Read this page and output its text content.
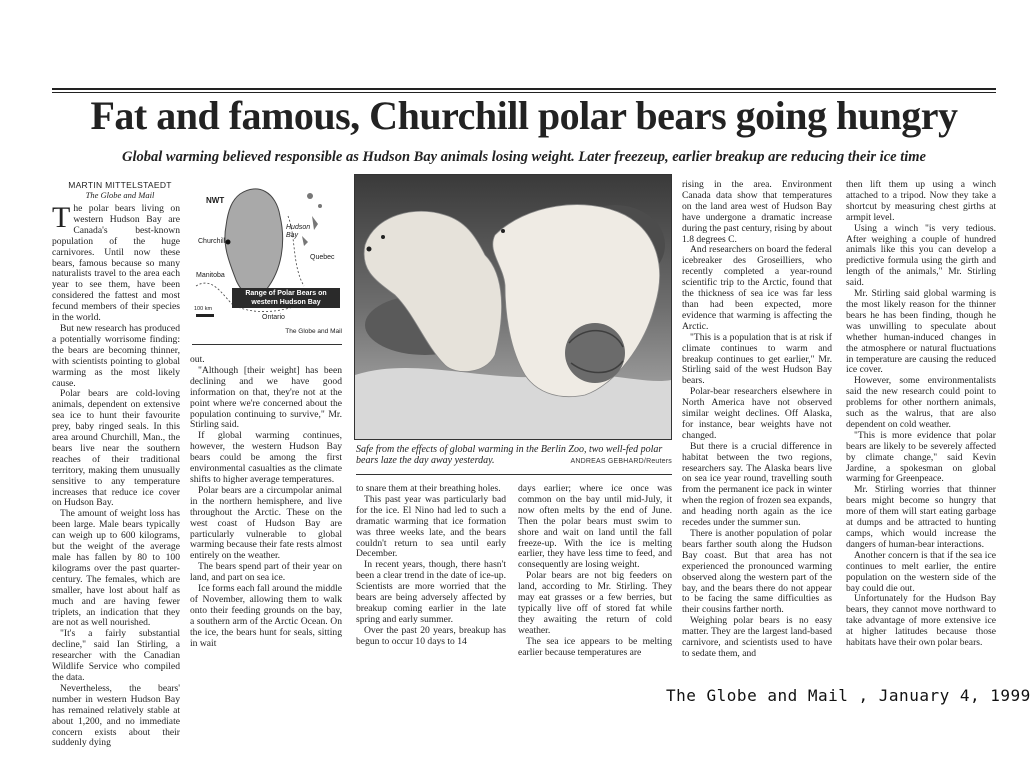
Fat and famous, Churchill polar bears going hungry
Global warming believed responsible as Hudson Bay animals losing weight. Later freezeup, earlier breakup are reducing their ice time

MARTIN MITTELSTAEDT

The Globe and Mail

The polar bears living on western Hudson Bay are Canada's best-known population of the huge carnivores. Until now these bears, famous because so many naturalists travel to the area each year to see them, have been considered the fattest and most fecund members of their species in the world.

But new research has produced a potentially worrisome finding: the bears are becoming thinner, with scientists pointing to global warming as the most likely cause.

Polar bears are cold-loving animals, dependent on extensive sea ice to hunt their favourite prey, baby ringed seals. In this area around Churchill, Man., the bears live near the southern reaches of their traditional territory, making them unusually sensitive to any temperature increases that reduce ice cover on Hudson Bay.

The amount of weight loss has been large. Male bears typically can weigh up to 600 kilograms, but the weight of the average male has fallen by 80 to 100 kilograms over the past quarter-century. The females, which are smaller, have lost about half as much and are having fewer triplets, an indication that they are not as well nourished.

"It's a fairly substantial decline," said Ian Stirling, a researcher with the Canadian Wildlife Service who compiled the data.

Nevertheless, the bears' number in western Hudson Bay has remained relatively stable at about 1,200, and no immediate concern exists about their suddenly dying

NWT
Churchill
Hudson Bay
Quebec
Manitoba
Range of Polar Bears on western Hudson Bay
100 km
Ontario
The Globe and Mail

out.

"Although [their weight] has been declining and we have good information on that, they're not at the point where we're concerned about the population continuing to survive," Mr. Stirling said.

If global warming continues, however, the western Hudson Bay bears could be among the first environmental casualties as the climate shifts to higher average temperatures.

Polar bears are a circumpolar animal in the northern hemisphere, and live throughout the Arctic. These on the west coast of Hudson Bay are particularly vulnerable to global warming because their fate rests almost entirely on the weather.

The bears spend part of their year on land, and part on sea ice.

Ice forms each fall around the middle of November, allowing them to walk onto their feeding grounds on the bay, a southern arm of the Arctic Ocean. On the ice, the bears hunt for seals, sitting in wait

Safe from the effects of global warming in the Berlin Zoo, two well-fed polar bears laze the day away yesterday.	ANDREAS GEBHARD/Reuters

to snare them at their breathing holes.

This past year was particularly bad for the ice. El Nino had led to such a dramatic warming that ice formation was three weeks late, and the bears couldn't return to sea until early December.

In recent years, though, there hasn't been a clear trend in the date of ice-up. Scientists are more worried that the bears are being adversely affected by breakup coming earlier in the late spring and early summer.

Over the past 20 years, breakup has begun to occur 10 days to 14

days earlier; where ice once was common on the bay until mid-July, it now often melts by the end of June. Then the polar bears must swim to shore and wait on land until the fall freeze-up. With the ice is melting earlier, they have less time to feed, and consequently are losing weight.

Polar bears are not big feeders on land, according to Mr. Stirling. They may eat grasses or a few berries, but typically live off of stored fat while they awaiting the return of cold weather.

The sea ice appears to be melting earlier because temperatures are

rising in the area. Environment Canada data show that temperatures on the land area west of Hudson Bay have undergone a dramatic increase during the past century, rising by about 1.8 degrees C.

And researchers on board the federal icebreaker des Groseilliers, who recently completed a year-round scientific trip to the Arctic, found that the thickness of sea ice was far less than had been expected, more evidence that warming is affecting the Arctic.

"This is a population that is at risk if climate continues to warm and breakup continues to get earlier," Mr. Stirling said of the west Hudson Bay bears.

Polar-bear researchers elsewhere in North America have not observed similar weight declines. Off Alaska, for instance, bear weights have not changed.

But there is a crucial difference in habitat between the two regions, researchers say. The Alaska bears live on sea ice year round, travelling south from the permanent ice pack in winter when the region of frozen sea expands, and heading north again as the ice recedes under the summer sun.

There is another population of polar bears farther south along the Hudson Bay coast. But that area has not experienced the pronounced warming observed along the western part of the bay, and the bears there do not appear to be facing the same difficulties as their cousins farther north.

Weighing polar bears is no easy matter. They are the largest land-based carnivore, and scientists used to have to sedate them, and

then lift them up using a winch attached to a tripod. Now they take a shortcut by measuring chest girths at armpit level.

Using a winch "is very tedious. After weighing a couple of hundred animals like this you can develop a predictive formula using the girth and length of the animals," Mr. Stirling said.

Mr. Stirling said global warming is the most likely reason for the thinner bears he has been finding, though he was unwilling to speculate about whether human-induced changes in the atmosphere or natural fluctuations in temperature are causing the reduced ice cover.

However, some environmentalists said the new research could point to problems for other northern animals, such as the walrus, that are also dependent on cold weather.

"This is more evidence that polar bears are likely to be severely affected by climate change," said Kevin Jardine, a spokesman on global warming for Greenpeace.

Mr. Stirling worries that thinner bears might become so hungry that more of them will start eating garbage at dumps and be attracted to hunting camps, which would increase the dangers of human-bear interactions.

Another concern is that if the sea ice continues to melt earlier, the entire population on the western side of the bay could die out.

Unfortunately for the Hudson Bay bears, they cannot move northward to take advantage of more extensive ice at higher latitudes because those habitats have their own polar bears.

The Globe and Mail , January 4, 1999
